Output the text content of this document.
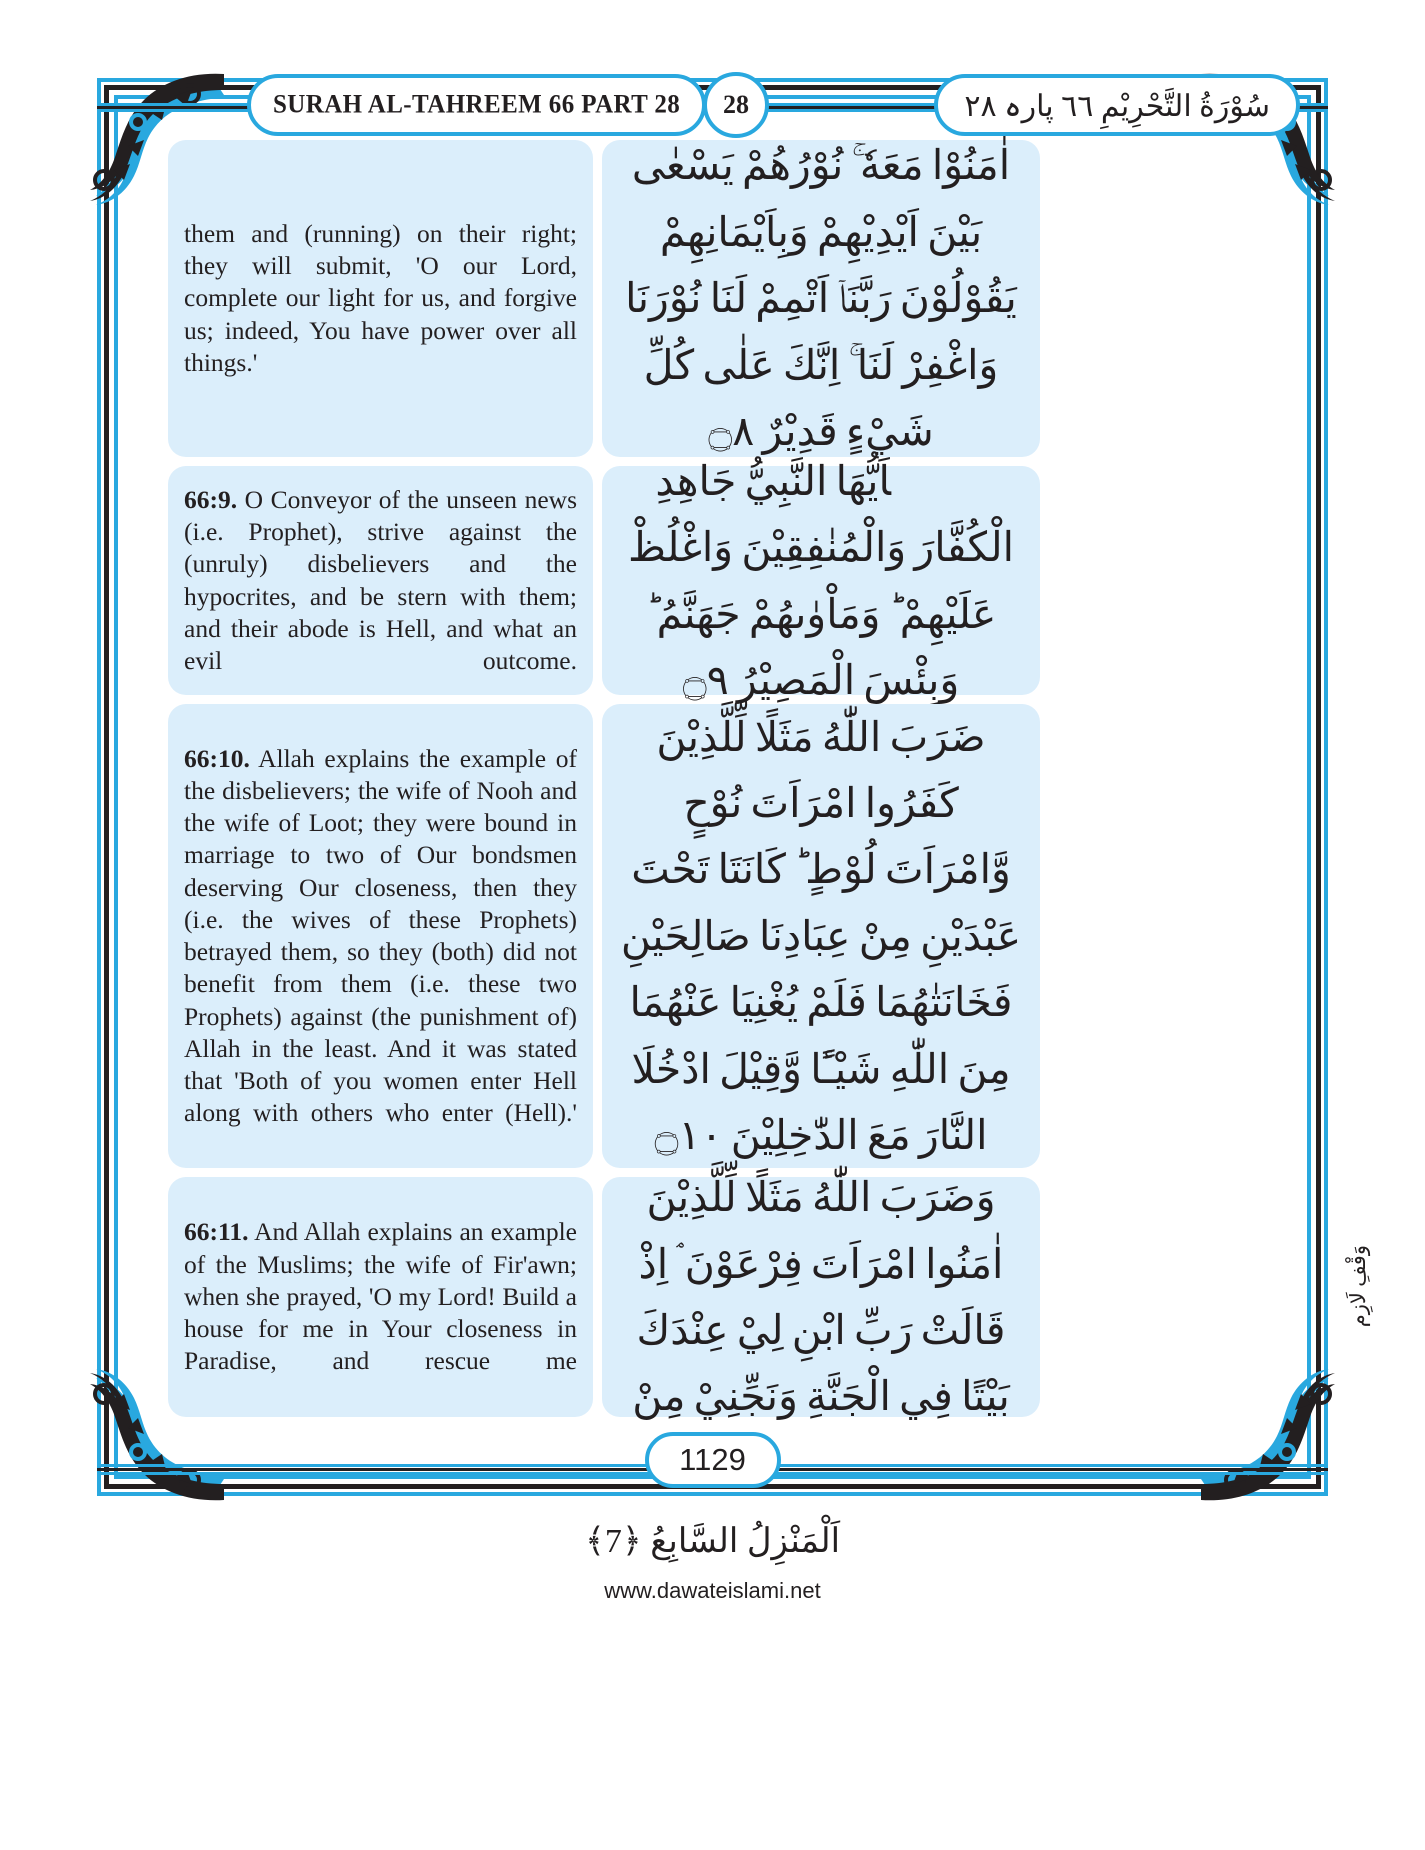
SURAH AL-TAHREEM 66 PART 28	28	سُوْرَةُ التَّحْرِيْمِ ٦٦ پارہ ٢٨
them and (running) on their right; they will submit, 'O our Lord, complete our light for us, and forgive us; indeed, You have power over all things.'
66:9. O Conveyor of the unseen news (i.e. Prophet), strive against the (unruly) disbelievers and the hypocrites, and be stern with them; and their abode is Hell, and what an evil outcome.
66:10. Allah explains the example of the disbelievers; the wife of Nooh and the wife of Loot; they were bound in marriage to two of Our bondsmen deserving Our closeness, then they (i.e. the wives of these Prophets) betrayed them, so they (both) did not benefit from them (i.e. these two Prophets) against (the punishment of) Allah in the least. And it was stated that 'Both of you women enter Hell along with others who enter (Hell).'
66:11. And Allah explains an example of the Muslims; the wife of Fir'awn; when she prayed, 'O my Lord! Build a house for me in Your closeness in Paradise, and rescue me
اٰمَنُوْا مَعَهٗ ۚ نُوْرُهُمْ يَسْعٰى بَيْنَ اَيْدِيْهِمْ وَبِاَيْمَانِهِمْ يَقُوْلُوْنَ رَبَّنَاۤ اَتْمِمْ لَنَا نُوْرَنَا وَاغْفِرْ لَنَا ۚ اِنَّكَ عَلٰى كُلِّ شَيْءٍ قَدِيْرٌ ۝٨
يٰۤاَيُّهَا النَّبِيُّ جَاهِدِ الْكُفَّارَ وَالْمُنٰفِقِيْنَ وَاغْلُظْ عَلَيْهِمْ ؕ وَمَاْوٰىهُمْ جَهَنَّمُ ؕ وَبِئْسَ الْمَصِيْرُ ۝٩
ضَرَبَ اللّٰهُ مَثَلًا لِّلَّذِيْنَ كَفَرُوا امْرَاَتَ نُوْحٍ وَّامْرَاَتَ لُوْطٍ ؕ كَانَتَا تَحْتَ عَبْدَيْنِ مِنْ عِبَادِنَا صَالِحَيْنِ فَخَانَتٰهُمَا فَلَمْ يُغْنِيَا عَنْهُمَا مِنَ اللّٰهِ شَيْـًٔا وَّقِيْلَ ادْخُلَا النَّارَ مَعَ الدّٰخِلِيْنَ ۝١٠
وَضَرَبَ اللّٰهُ مَثَلًا لِّلَّذِيْنَ اٰمَنُوا امْرَاَتَ فِرْعَوْنَ ۘ اِذْ قَالَتْ رَبِّ ابْنِ لِيْ عِنْدَكَ بَيْتًا فِي الْجَنَّةِ وَنَجِّنِيْ مِنْ
وَقْفِ لَازِم
1129
اَلْمَنْزِلُ السَّابِعُ ﴿7﴾
www.dawateislami.net
